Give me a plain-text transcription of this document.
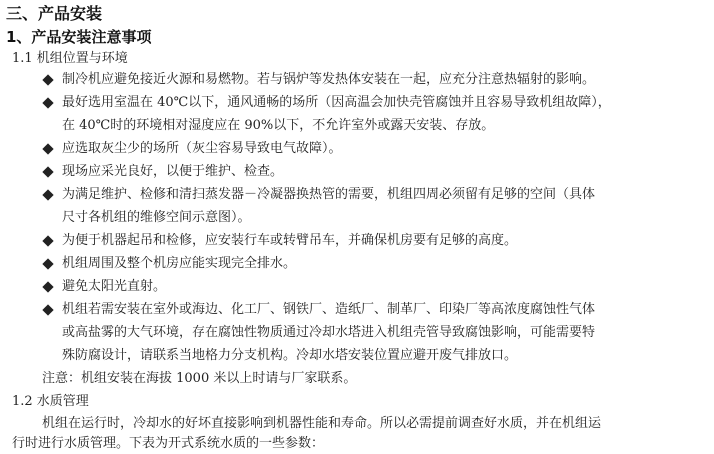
三、产品安装
1、产品安装注意事项
1.1 机组位置与环境
制冷机应避免接近火源和易燃物。若与锅炉等发热体安装在一起，应充分注意热辐射的影响。
最好选用室温在 40℃以下，通风通畅的场所（因高温会加快壳管腐蚀并且容易导致机组故障），
在 40℃时的环境相对湿度应在 90%以下，不允许室外或露天安装、存放。
应选取灰尘少的场所（灰尘容易导致电气故障）。
现场应采光良好，以便于维护、检查。
为满足维护、检修和清扫蒸发器－冷凝器换热管的需要，机组四周必须留有足够的空间（具体
尺寸各机组的维修空间示意图）。
为便于机器起吊和检修，应安装行车或转臂吊车，并确保机房要有足够的高度。
机组周围及整个机房应能实现完全排水。
避免太阳光直射。
机组若需安装在室外或海边、化工厂、钢铁厂、造纸厂、制革厂、印染厂等高浓度腐蚀性气体
或高盐雾的大气环境，存在腐蚀性物质通过冷却水塔进入机组壳管导致腐蚀影响，可能需要特
殊防腐设计，请联系当地格力分支机构。冷却水塔安装位置应避开废气排放口。
注意：机组安装在海拔 1000 米以上时请与厂家联系。
1.2 水质管理
机组在运行时，冷却水的好坏直接影响到机器性能和寿命。所以必需提前调查好水质，并在机组运
行时进行水质管理。下表为开式系统水质的一些参数：
